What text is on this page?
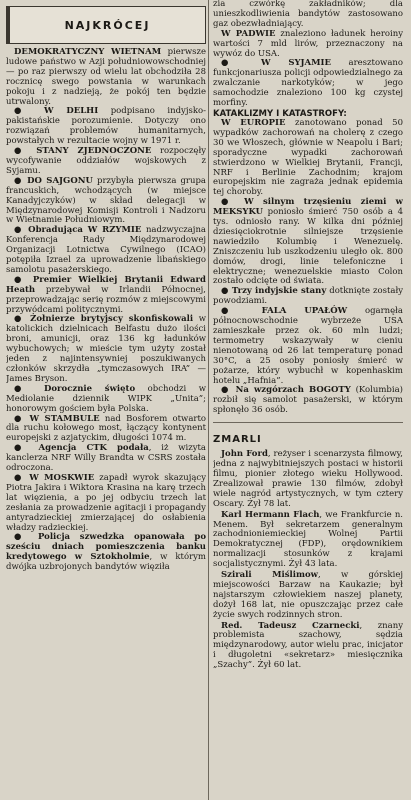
NAJKRÓCEJ

DEMOKRATYCZNY WIETNAM pierwsze ludowe państwo w Azji południowowschodniej — po raz pierwszy od wielu lat obchodziła 28 rocznicę swego powstania w warunkach pokoju i z nadzieją, że pokój ten będzie utrwalony.

● W DELHI podpisano indyjsko-pakistańskie porozumienie. Dotyczy ono rozwiązań problemów humanitarnych, powstałych w rezultacie wojny w 1971 r.

● STANY ZJEDNOCZONE rozpoczęły wycofywanie oddziałów wojskowych z Syjamu.

● DO SAJGONU przybyła pierwsza grupa francuskich, wchodzących (w miejsce Kanadyjczyków) w skład delegacji w Międzynarodowej Komisji Kontroli i Nadzoru w Wietnamie Południowym.

● Obradująca W RZYMIE nadzwyczajna Konferencja Rady Międzynarodowej Organizacji Lotnictwa Cywilnego (ICAO) potępiła Izrael za uprowadzenie libańskiego samolotu pasażerskiego.

● Premier Wielkiej Brytanii Edward Heath przebywał w Irlandii Północnej, przeprowadzając serię rozmów z miejscowymi przywódcami politycznymi.

● Żołnierze brytyjscy skonfiskowali w katolickich dzielnicach Belfastu dużo ilości broni, amunicji, oraz 136 kg ładunków wybuchowych; w mieście tym użyty został jeden z najintensywniej poszukiwanych członków skrzydła „tymczasowych IRA” — James Bryson.

● Dorocznie święto obchodzi w Mediolanie dziennik WIPK „Unita”; honorowym gościem była Polska.

● W STAMBULE nad Bosforem otwarto dla ruchu kołowego most, łączący kontynent europejski z azjatyckim, długości 1074 m.

● Agencja CTK podała, iż wizyta kanclerza NRF Willy Brandta w CSRS została odroczona.

● W MOSKWIE zapadł wyrok skazujący Piotra Jakira i Wiktora Krasina na karę trzech lat więzienia, a po jej odbyciu trzech lat zesłania za prowadzenie agitacji i propagandy antyradzieckiej zmierzającej do osłabienia władzy radzieckiej.

● Policja szwedzka opanowała po sześciu dniach pomieszczenia banku kredytowego w Sztokholmie, w którym dwójka uzbrojonych bandytów więziła

zia czwórkę zakładników; dla unieszkodliwienia bandytów zastosowano gaz obezwładniający.

W PADWIE znaleziono ładunek heroiny wartości 7 mld lirów, przeznaczony na wywóz do USA.

● W SYJAMIE aresztowano funkcjonariusza policji odpowiedzialnego za zwalczanie narkotyków; w jego samochodzie znaleziono 100 kg czystej morfiny.

KATAKLIZMY I KATASTROFY:

W EUROPIE zanotowano ponad 50 wypadków zachorowań na cholerę z czego 30 we Włoszech, głównie w Neapolu i Bari; sporadyczne wypadki zachorowań stwierdzono w Wielkiej Brytanii, Francji, NRF i Berlinie Zachodnim; krajom europejskim nie zagraża jednak epidemia tej choroby.

● W silnym trzęsieniu ziemi w MEKSYKU poniosło śmierć 750 osób a 4 tys. odniosło rany. W kilka dni później dziesięciokrotnie silniejsze trzęsienie nawiedziło Kolumbię i Wenezuelę. Zniszczeniu lub uszkodzeniu uległo ok. 800 domów, drogi, linie telefoniczne i elektryczne; wenezuelskie miasto Colon zostało odcięte od świata.

● Trzy indyjskie stany dotknięte zostały powodziami.

● FALA UPAŁÓW ogarnęła północnowschodnie wybrzeże USA zamieszkałe przez ok. 60 mln ludzi; termometry wskazywały w cieniu nienotowaną od 26 lat temperaturę ponad 30°C, a 25 osoby poniosły śmierć w pożarze, który wybuchł w kopenhaskim hotelu „Hafnia”.

● Na wzgórzach BOGOTY (Kolumbia) rozbił się samolot pasażerski, w którym spłonęło 36 osób.

ZMARLI

John Ford, reżyser i scenarzysta filmowy, jedna z najwybitniejszych postaci w historii filmu, pionier złotego wieku Hollywood. Zrealizował prawie 130 filmów, zdobył wiele nagród artystycznych, w tym cztery Oscary. Żył 78 lat.

Karl Hermann Flach, we Frankfurcie n. Menem. Był sekretarzem generalnym zachodnioniemieckiej Wolnej Partii Demokratycznej (FDP), orędownikiem normalizacji stosunków z krajami socjalistycznymi. Żył 43 lata.

Szirali Miślimow, w górskiej miejscowości Barzaw na Kaukazie; był najstarszym człowiekiem naszej planety, dożył 168 lat, nie opuszczając przez całe życie swych rodzinnych stron.

Red. Tadeusz Czarnecki, znany problemista szachowy, sędzia międzynarodowy, autor wielu prac, inicjator i długoletni «sekretarz» miesięcznika „Szachy”. Żył 60 lat.
